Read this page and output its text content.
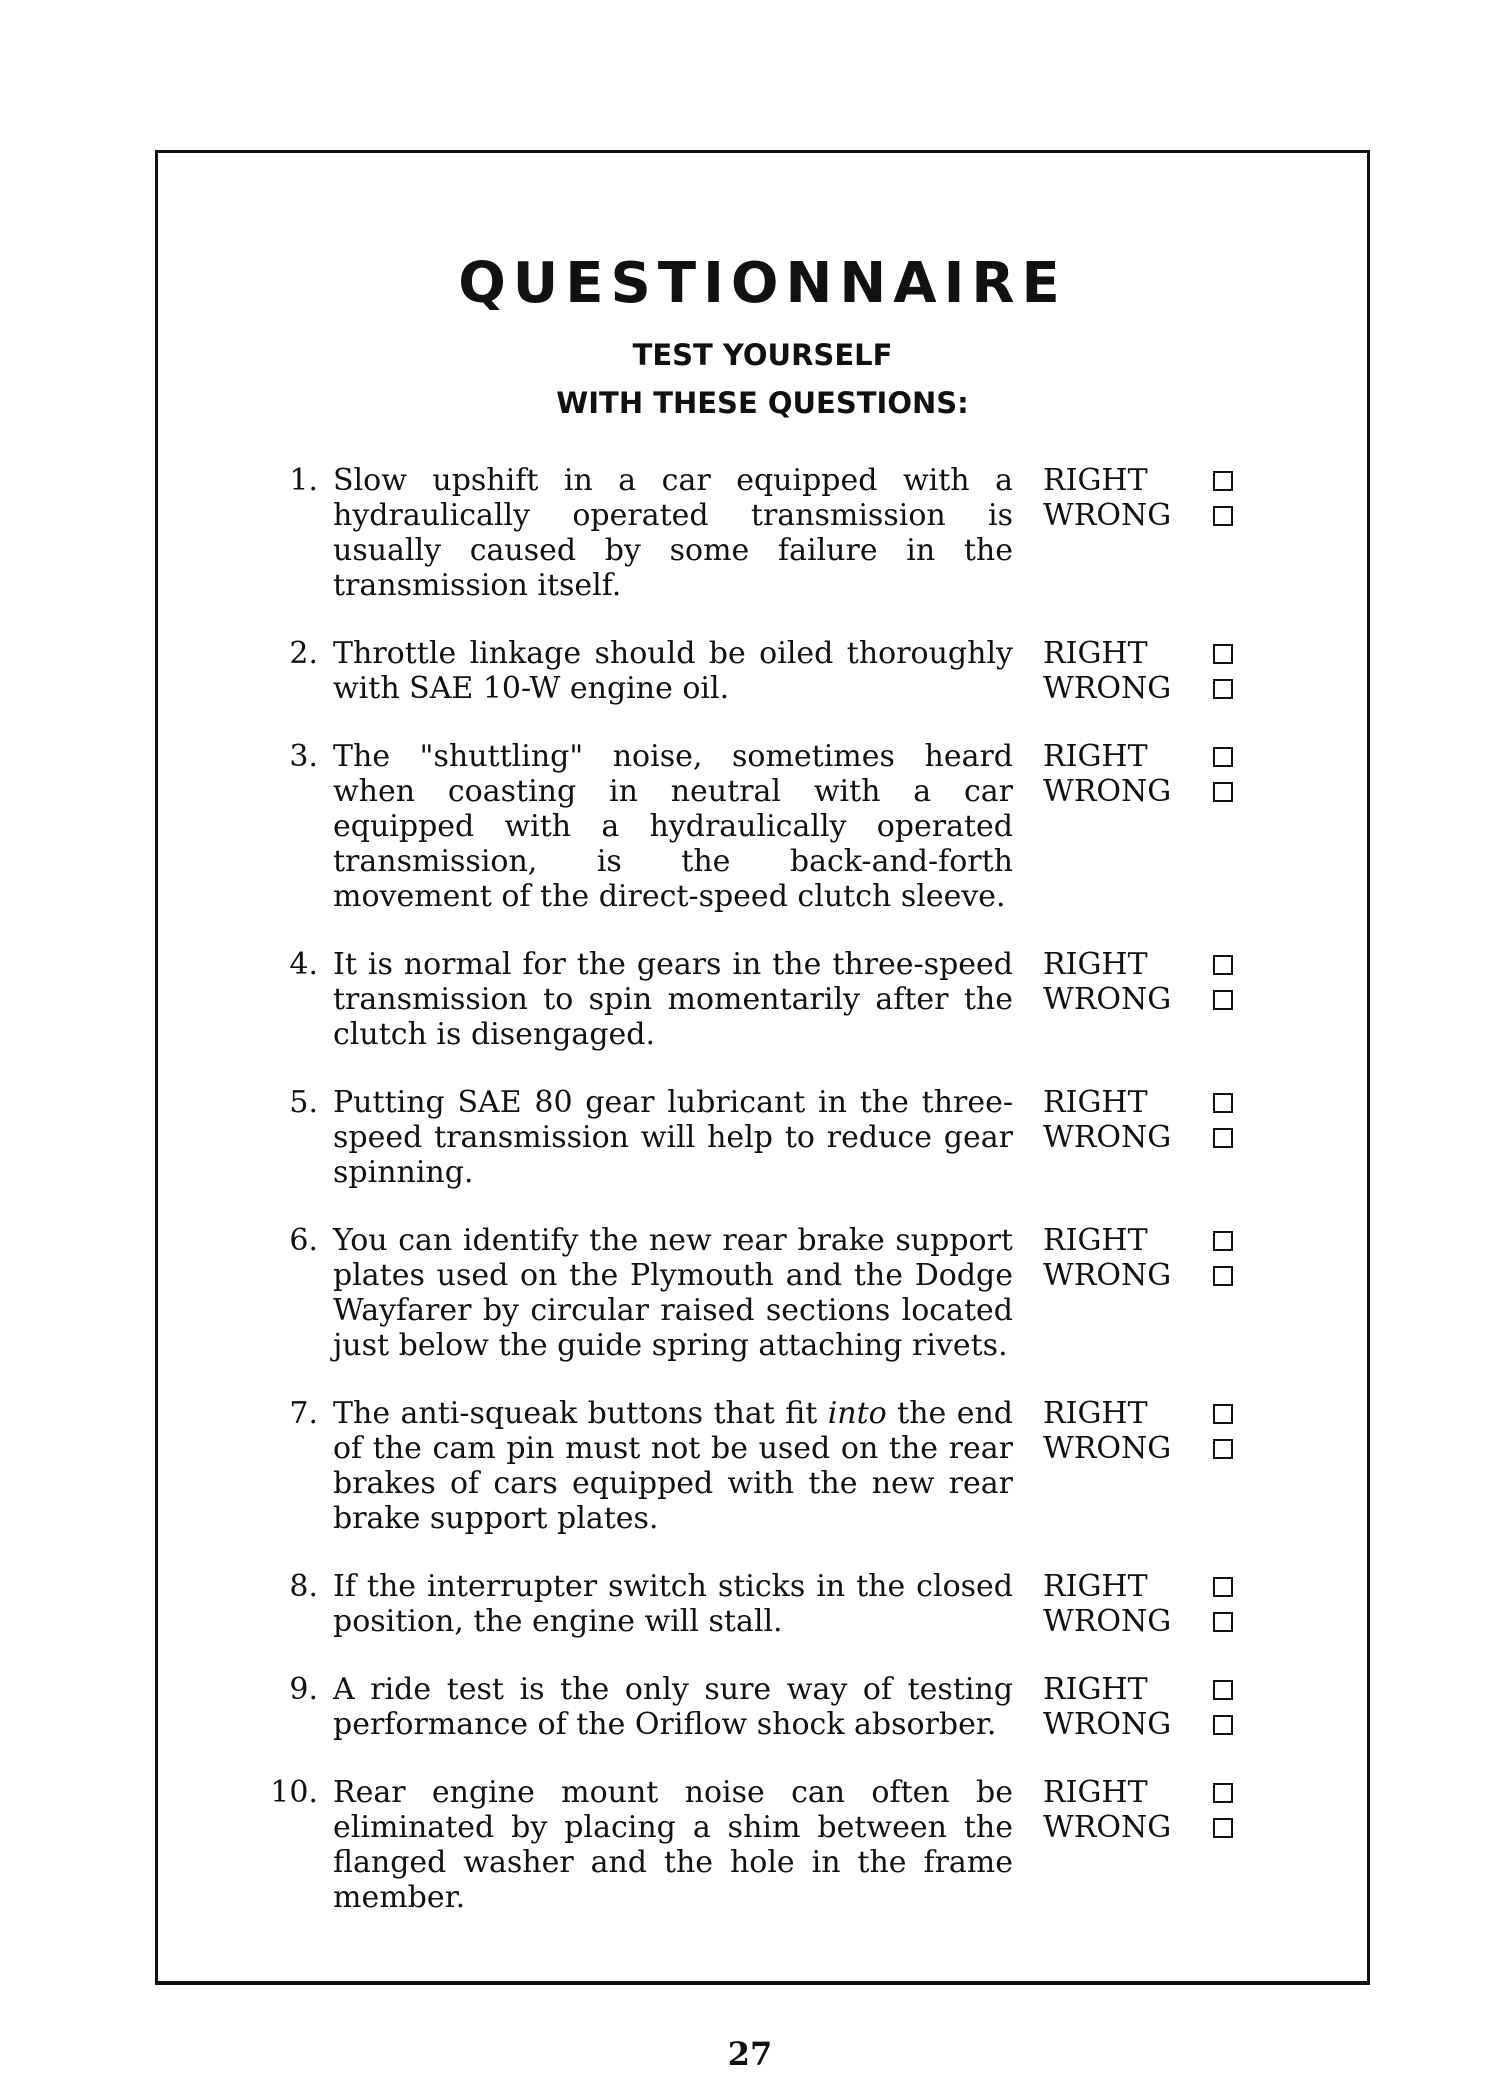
QUESTIONNAIRE
TEST YOURSELF
WITH THESE QUESTIONS:
1. Slow upshift in a car equipped with a hydraulically operated transmission is usually caused by some failure in the transmission itself.
RIGHT
WRONG
2. Throttle linkage should be oiled thoroughly with SAE 10-W engine oil.
RIGHT
WRONG
3. The "shuttling" noise, sometimes heard when coasting in neutral with a car equipped with a hydraulically operated transmission, is the back-and-forth movement of the direct-speed clutch sleeve.
RIGHT
WRONG
4. It is normal for the gears in the three-speed transmission to spin momentarily after the clutch is disengaged.
RIGHT
WRONG
5. Putting SAE 80 gear lubricant in the three-speed transmission will help to reduce gear spinning.
RIGHT
WRONG
6. You can identify the new rear brake support plates used on the Plymouth and the Dodge Wayfarer by circular raised sections located just below the guide spring attaching rivets.
RIGHT
WRONG
7. The anti-squeak buttons that fit into the end of the cam pin must not be used on the rear brakes of cars equipped with the new rear brake support plates.
RIGHT
WRONG
8. If the interrupter switch sticks in the closed position, the engine will stall.
RIGHT
WRONG
9. A ride test is the only sure way of testing performance of the Oriflow shock absorber.
RIGHT
WRONG
10. Rear engine mount noise can often be eliminated by placing a shim between the flanged washer and the hole in the frame member.
RIGHT
WRONG
27
